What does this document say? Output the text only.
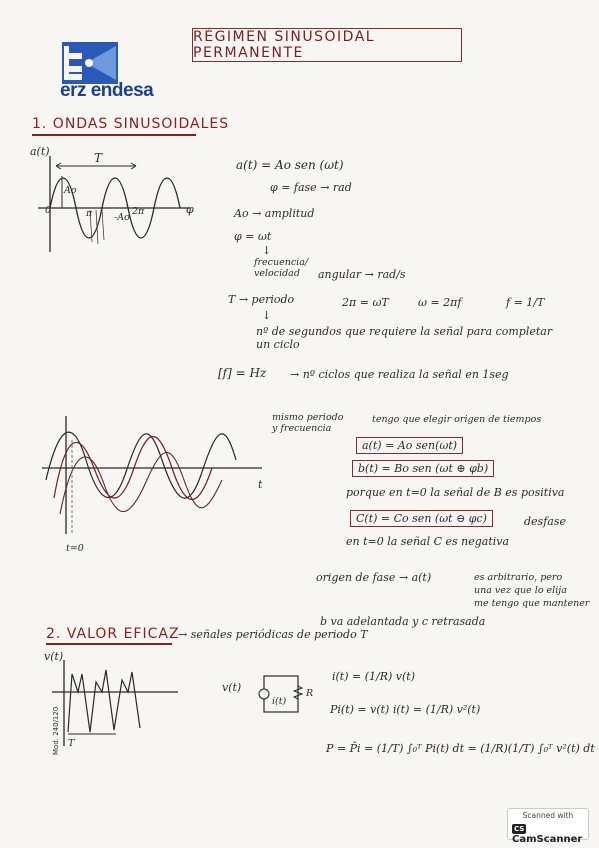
erz endesa
RÉGIMEN SINUSOIDAL PERMANENTE
1. ONDAS SINUSOIDALES
a(t)	T
Ao
0	π	2π
-Ao
φ
a(t) = Ao sen (ωt)
φ = fase → rad
Ao → amplitud
φ = ωt
↓
frecuencia/
velocidad angular → rad/s
T → periodo	2π = ωT	ω = 2πf	f = 1/T
↓
nº de segundos que requiere la señal para completar
un ciclo
[f] = Hz → nº ciclos que realiza la señal en 1seg
t
t=0
mismo periodo
y frecuencia
tengo que elegir origen de tiempos
a(t) = Ao sen(ωt)
b(t) = Bo sen (ωt ⊕ φb)
porque en t=0 la señal de B es positiva
C(t) = Co sen (ωt ⊖ φc)	desfase
en t=0 la señal C es negativa
origen de fase → a(t)	es arbitrario, pero
una vez que lo elija
me tengo que mantener
b va adelantada y c retrasada
2. VALOR EFICAZ
→ señales periódicas de periodo T
v(t)
T
v(t)
i(t)
R
i(t) = (1/R) v(t)
Pi(t) = v(t) i(t) = (1/R) v²(t)
P = P̄i = (1/T) ∫₀ᵀ Pi(t) dt = (1/R)(1/T) ∫₀ᵀ v²(t) dt
Mod. 240/120
Scanned with
CSCamScanner
